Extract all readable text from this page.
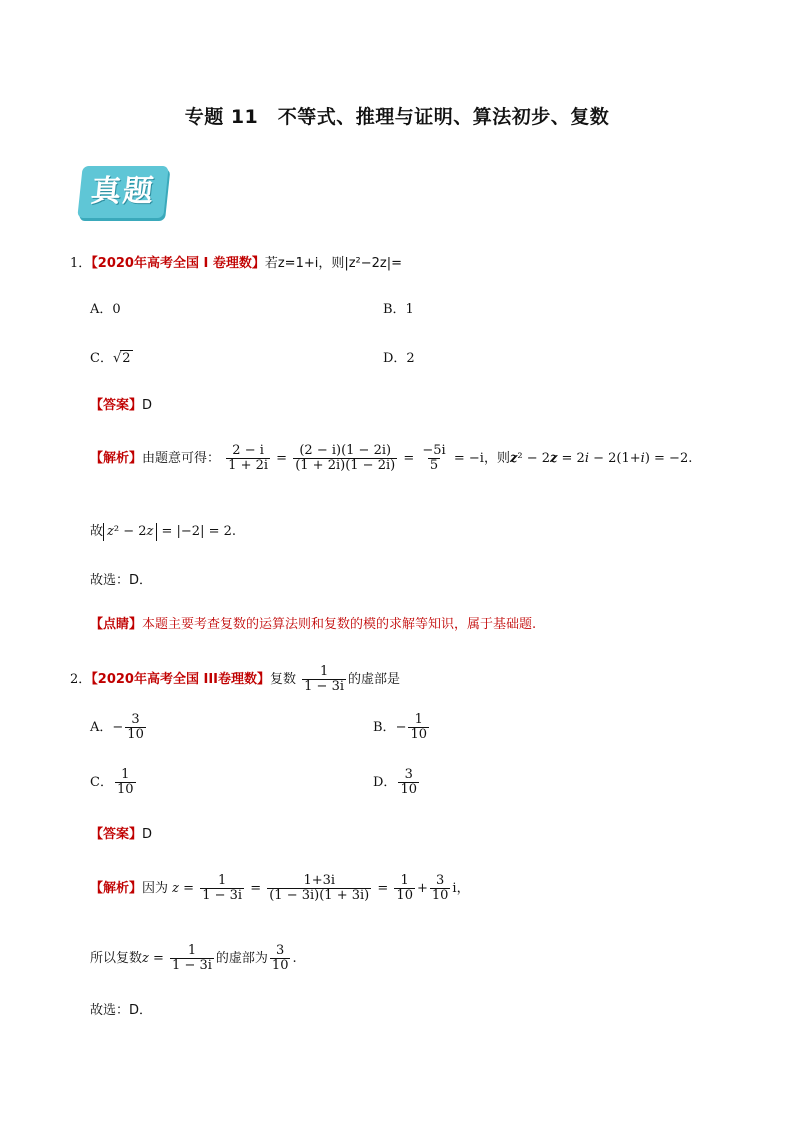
专题 11　不等式、推理与证明、算法初步、复数
真题
1．【2020年高考全国 I 卷理数】若z=1+i，则|z²−2z|=
A．0	B．1
C．√2	D．2
【答案】D
【解析】由题意可得： $\frac{2 - i}{1 + 2i} = \frac{(2 - i)(1 - 2i)}{(1 + 2i)(1 - 2i)} = \frac{-5i}{5} = -i$，则z² − 2z = 2i − 2(1+i) = −2.
故 z² − 2z = |−2| = 2.
故选：D．
【点睛】本题主要考查复数的运算法则和复数的模的求解等知识，属于基础题.
2．【2020年高考全国 III卷理数】复数 $\frac{1}{1 - 3i}$ 的虚部是
A．− $\frac{3}{10}$	B．− $\frac{1}{10}$
C． $\frac{1}{10}$	D． $\frac{3}{10}$
【答案】D
【解析】因为 $z = \frac{1}{1 - 3i} = \frac{1+3i}{(1 - 3i)(1 + 3i)} = \frac{1}{10} + \frac{3}{10}$ i，
所以复数$z = \frac{1}{1 - 3i}$ 的虚部为 $\frac{3}{10}$ .
故选：D．
